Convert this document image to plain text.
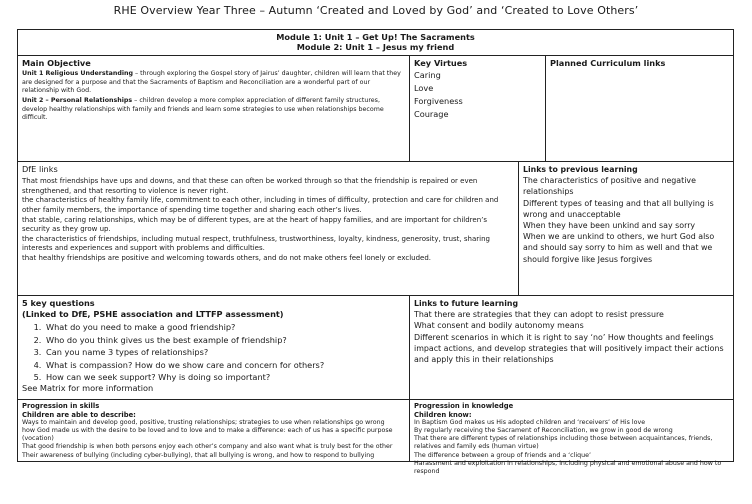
RHE Overview Year Three – Autumn ‘Created and Loved by God’ and ‘Created to Love Others’
Module 1: Unit 1 – Get Up! The Sacraments
Module 2: Unit 1 – Jesus my friend
Main Objective

Unit 1 Religious Understanding – through exploring the Gospel story of Jairus’ daughter, children will learn that they are designed for a purpose and that the Sacraments of Baptism and Reconciliation are a wonderful part of our relationship with God.

Unit 2 – Personal Relationships – children develop a more complex appreciation of different family structures, develop healthy relationships with family and friends and learn some strategies to use when relationships become difficult.

Key Virtues
Caring
Love
Forgiveness
Courage
Planned Curriculum links
DfE links

That most friendships have ups and downs, and that these can often be worked through so that the friendship is repaired or even strengthened, and that resorting to violence is never right.

the characteristics of healthy family life, commitment to each other, including in times of difficulty, protection and care for children and other family members, the importance of spending time together and sharing each other’s lives.

that stable, caring relationships, which may be of different types, are at the heart of happy families, and are important for children’s security as they grow up.

the characteristics of friendships, including mutual respect, truthfulness, trustworthiness, loyalty, kindness, generosity, trust, sharing interests and experiences and support with problems and difficulties.

that healthy friendships are positive and welcoming towards others, and do not make others feel lonely or excluded.

Links to previous learning

The characteristics of positive and negative relationships

Different types of teasing and that all bullying is wrong and unacceptable

When they have been unkind and say sorry

When we are unkind to others, we hurt God also and should say sorry to him as well and that we should forgive like Jesus forgives

5 key questions
(Linked to DfE, PSHE association and LTTFP assessment)
1. What do you need to make a good friendship?
2. Who do you think gives us the best example of friendship?
3. Can you name 3 types of relationships?
4. What is compassion? How do we show care and concern for others?
5. How can we seek support? Why is doing so important?
See Matrix for more information
Links to future learning

That there are strategies that they can adopt to resist pressure

What consent and bodily autonomy means

Different scenarios in which it is right to say ‘no’ How thoughts and feelings impact actions, and develop strategies that will positively impact their actions and apply this in their relationships

Progression in skills
Children are able to describe:

Ways to maintain and develop good, positive, trusting relationships; strategies to use when relationships go wrong

how God made us with the desire to be loved and to love and to make a difference: each of us has a specific purpose (vocation)

That good friendship is when both persons enjoy each other’s company and also want what is truly best for the other

Their awareness of bullying (including cyber-bullying), that all bullying is wrong, and how to respond to bullying

Progression in knowledge
Children know:

In Baptism God makes us His adopted children and ‘receivers’ of His love

By regularly receiving the Sacrament of Reconciliation, we grow in good de wrong

That there are different types of relationships including those between acquaintances, friends, relatives and family eds (human virtue)

The difference between a group of friends and a ‘clique’

Harassment and exploitation in relationships, including physical and emotional abuse and how to respond
